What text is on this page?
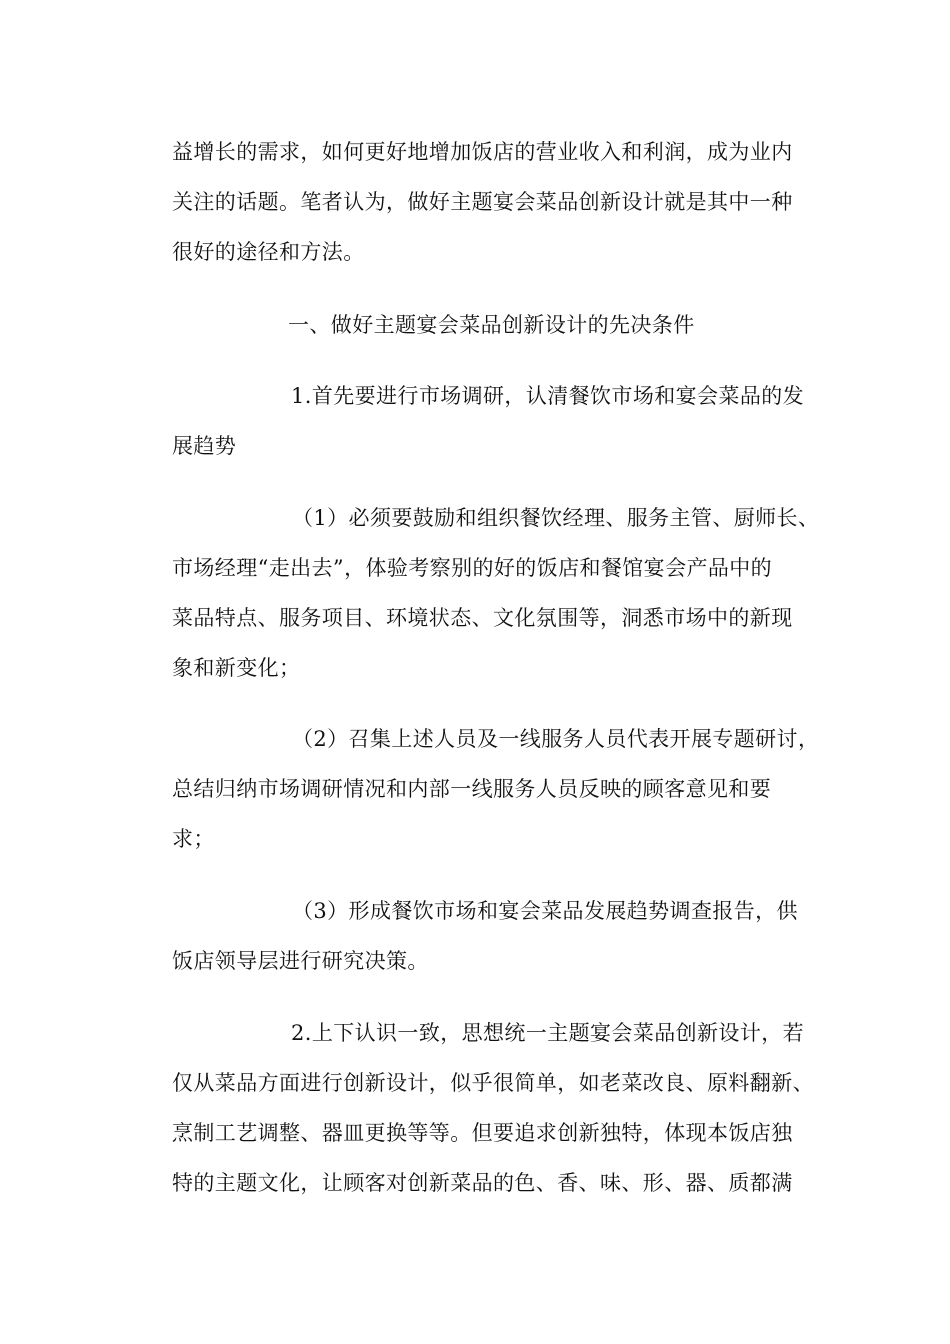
益增长的需求，如何更好地增加饭店的营业收入和利润，成为业内
关注的话题。笔者认为，做好主题宴会菜品创新设计就是其中一种
很好的途径和方法。
一、做好主题宴会菜品创新设计的先决条件
1.首先要进行市场调研，认清餐饮市场和宴会菜品的发
展趋势
（1）必须要鼓励和组织餐饮经理、服务主管、厨师长、
市场经理“走出去”，体验考察别的好的饭店和餐馆宴会产品中的
菜品特点、服务项目、环境状态、文化氛围等，洞悉市场中的新现
象和新变化；
（2）召集上述人员及一线服务人员代表开展专题研讨，
总结归纳市场调研情况和内部一线服务人员反映的顾客意见和要
求；
（3）形成餐饮市场和宴会菜品发展趋势调查报告，供
饭店领导层进行研究决策。
2.上下认识一致，思想统一主题宴会菜品创新设计，若
仅从菜品方面进行创新设计，似乎很简单，如老菜改良、原料翻新、
烹制工艺调整、器皿更换等等。但要追求创新独特，体现本饭店独
特的主题文化，让顾客对创新菜品的色、香、味、形、器、质都满
